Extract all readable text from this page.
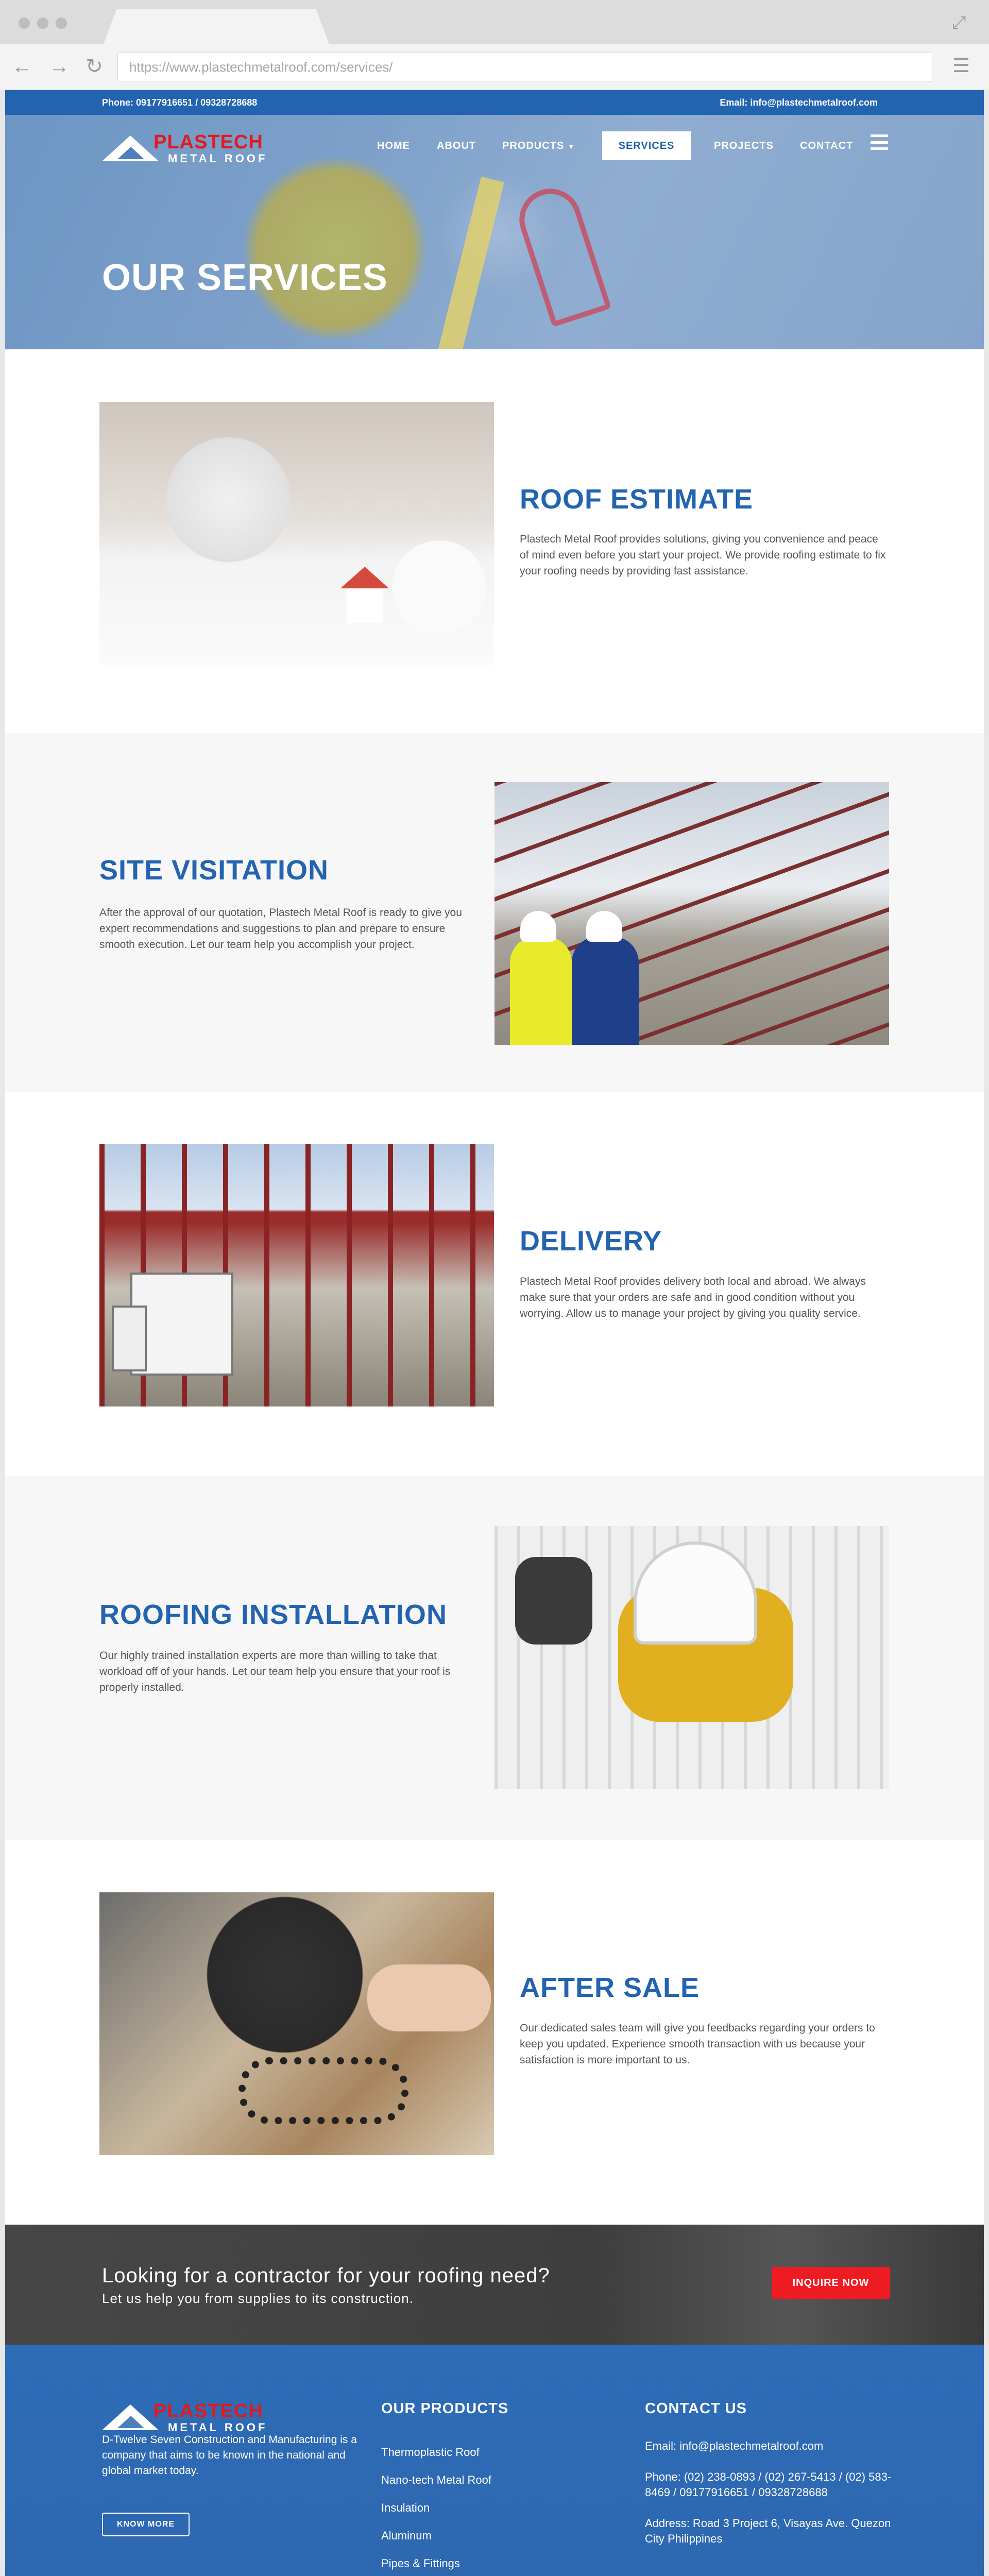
⤢
← → ↻	https://www.plastechmetalroof.com/services/	☰
Phone: 09177916651 / 09328728688	Email: info@plastechmetalroof.com
PLASTECH
METAL ROOF
HOME	ABOUT	PRODUCTS ▼	SERVICES	PROJECTS	CONTACT
OUR SERVICES
ROOF ESTIMATE
Plastech Metal Roof provides solutions, giving you convenience and peace of mind even before you start your project. We provide roofing estimate to fix your roofing needs by providing fast assistance.
SITE VISITATION
After the approval of our quotation, Plastech Metal Roof is ready to give you expert recommendations and suggestions to plan and prepare to ensure smooth execution. Let our team help you accomplish your project.
DELIVERY
Plastech Metal Roof provides delivery both local and abroad. We always make sure that your orders are safe and in good condition without you worrying. Allow us to manage your project by giving you quality service.
ROOFING INSTALLATION
Our highly trained installation experts are more than willing to take that workload off of your hands. Let our team help you ensure that your roof is properly installed.
AFTER SALE
Our dedicated sales team will give you feedbacks regarding your orders to keep you updated. Experience smooth transaction with us because your satisfaction is more important to us.
Looking for a contractor for your roofing need?

Let us help you from supplies to its construction.

INQUIRE NOW
PLASTECH
METAL ROOF
D-Twelve Seven Construction and Manufacturing is a company that aims to be known in the national and global market today.
KNOW MORE
OUR PRODUCTS
Thermoplastic Roof
Nano-tech Metal Roof
Insulation
Aluminum
Pipes & Fittings
CONTACT US
Email: info@plastechmetalroof.com
Phone: (02) 238-0893 / (02) 267-5413 / (02) 583-8469 / 09177916651 / 09328728688
Address: Road 3 Project 6, Visayas Ave. Quezon City Philippines
